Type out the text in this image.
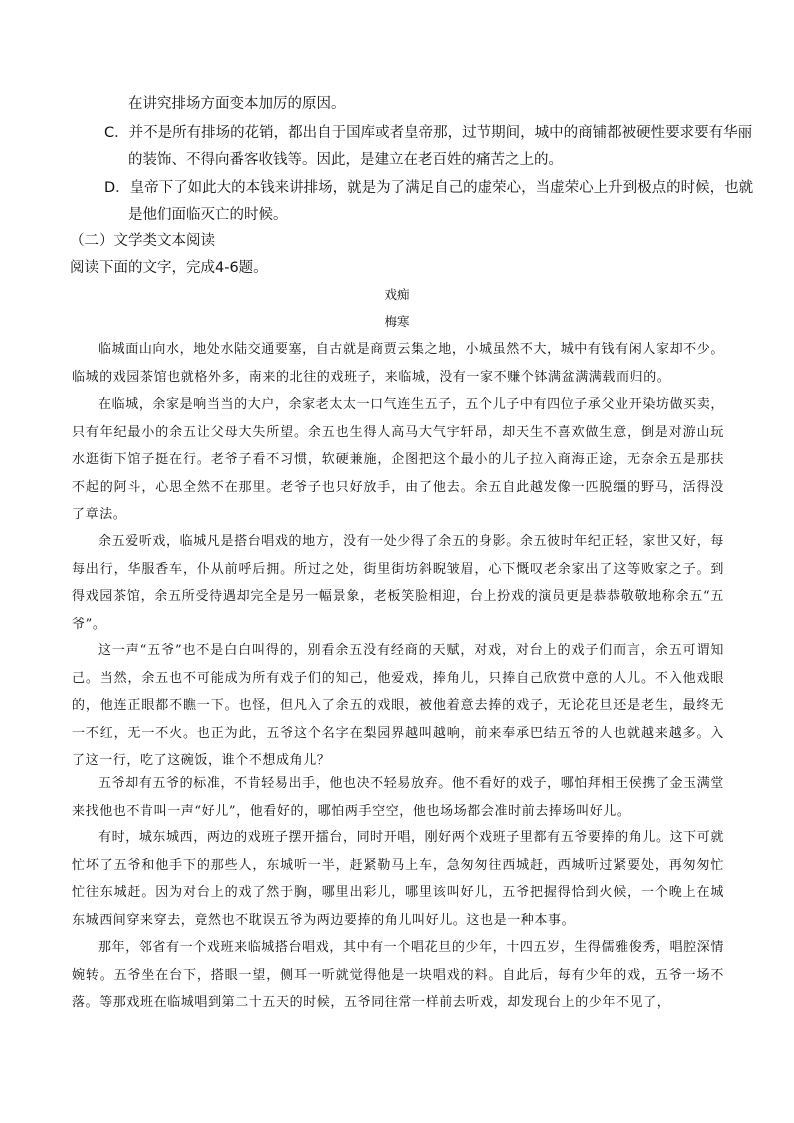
在讲究排场方面变本加厉的原因。
C．并不是所有排场的花销，都出自于国库或者皇帝那，过节期间，城中的商铺都被硬性要求要有华丽
的装饰、不得向番客收钱等。因此，是建立在老百姓的痛苦之上的。
D．皇帝下了如此大的本钱来讲排场，就是为了满足自己的虚荣心，当虚荣心上升到极点的时候，也就
是他们面临灭亡的时候。
（二）文学类文本阅读
阅读下面的文字，完成4-6题。
戏痴
梅寒
临城面山向水，地处水陆交通要塞，自古就是商贾云集之地，小城虽然不大，城中有钱有闲人家却不少。临城的戏园茶馆也就格外多，南来的北往的戏班子，来临城，没有一家不赚个钵满盆满满载而归的。
在临城，余家是响当当的大户，余家老太太一口气连生五子，五个儿子中有四位子承父业开染坊做买卖，只有年纪最小的余五让父母大失所望。余五也生得人高马大气宇轩昂，却天生不喜欢做生意，倒是对游山玩水逛街下馆子挺在行。老爷子看不习惯，软硬兼施，企图把这个最小的儿子拉入商海正途，无奈余五是那扶不起的阿斗，心思全然不在那里。老爷子也只好放手，由了他去。余五自此越发像一匹脱缰的野马，活得没了章法。
余五爱听戏，临城凡是搭台唱戏的地方，没有一处少得了余五的身影。余五彼时年纪正轻，家世又好，每每出行，华服香车，仆从前呼后拥。所过之处，街里街坊斜睨皱眉，心下慨叹老余家出了这等败家之子。到得戏园茶馆，余五所受待遇却完全是另一幅景象，老板笑脸相迎，台上扮戏的演员更是恭恭敬敬地称余五“五爷”。
这一声“五爷”也不是白白叫得的，别看余五没有经商的天赋，对戏，对台上的戏子们而言，余五可谓知己。当然，余五也不可能成为所有戏子们的知己，他爱戏，捧角儿，只捧自己欣赏中意的人儿。不入他戏眼的，他连正眼都不瞧一下。也怪，但凡入了余五的戏眼，被他着意去捧的戏子，无论花旦还是老生，最终无一不红，无一不火。也正为此，五爷这个名字在梨园界越叫越响，前来奉承巴结五爷的人也就越来越多。入了这一行，吃了这碗饭，谁个不想成角儿？
五爷却有五爷的标准，不肯轻易出手，他也决不轻易放弃。他不看好的戏子，哪怕拜相王侯携了金玉满堂来找他也不肯叫一声“好儿”，他看好的，哪怕两手空空，他也场场都会准时前去捧场叫好儿。
有时，城东城西，两边的戏班子摆开擂台，同时开唱，刚好两个戏班子里都有五爷要捧的角儿。这下可就忙坏了五爷和他手下的那些人，东城听一半，赶紧勒马上车，急匆匆往西城赶，西城听过紧要处，再匆匆忙忙往东城赶。因为对台上的戏了然于胸，哪里出彩儿，哪里该叫好儿，五爷把握得恰到火候，一个晚上在城东城西间穿来穿去，竟然也不耽误五爷为两边要捧的角儿叫好儿。这也是一种本事。
那年，邻省有一个戏班来临城搭台唱戏，其中有一个唱花旦的少年，十四五岁，生得儒雅俊秀，唱腔深情婉转。五爷坐在台下，搭眼一望，侧耳一听就觉得他是一块唱戏的料。自此后，每有少年的戏，五爷一场不落。等那戏班在临城唱到第二十五天的时候，五爷同往常一样前去听戏，却发现台上的少年不见了，
